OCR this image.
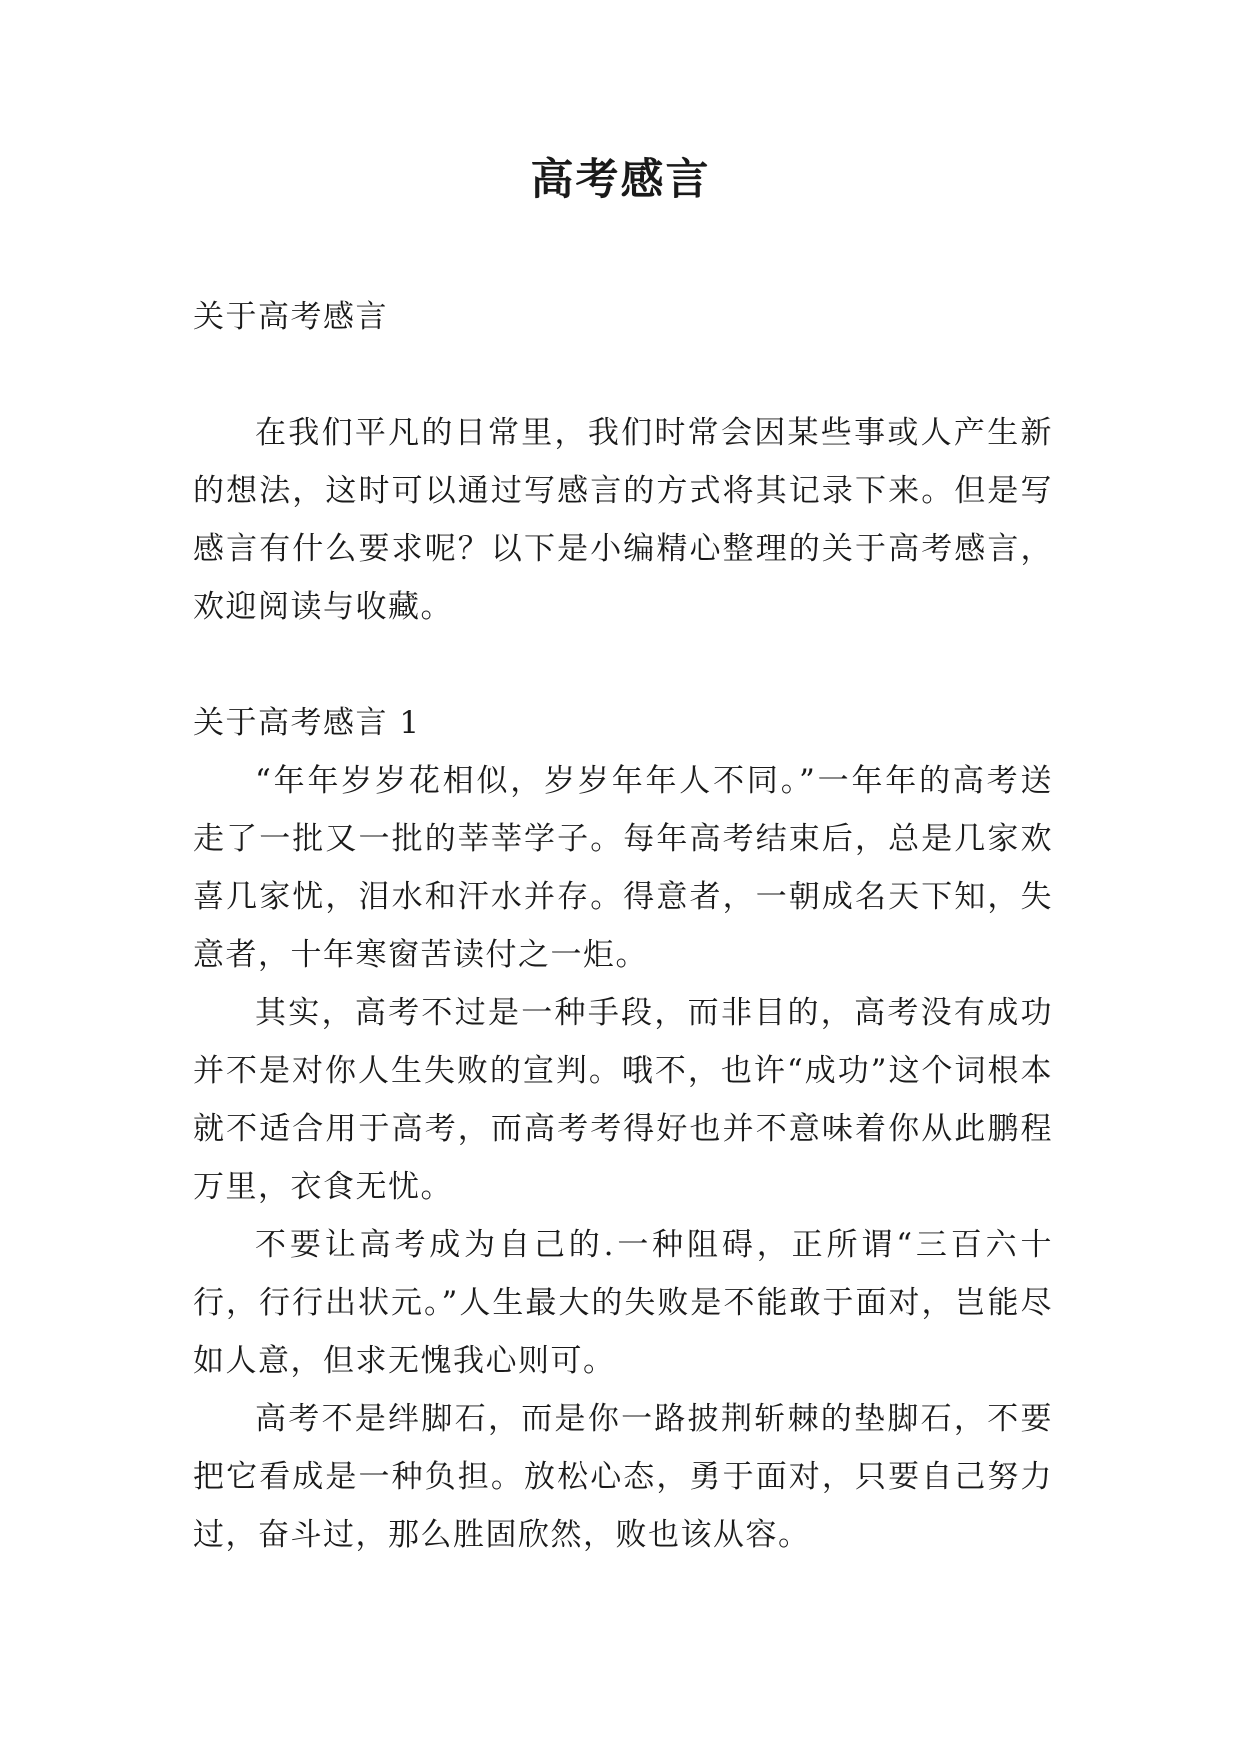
高考感言

关于高考感言

在我们平凡的日常里，我们时常会因某些事或人产生新的想法，这时可以通过写感言的方式将其记录下来。但是写感言有什么要求呢？以下是小编精心整理的关于高考感言，欢迎阅读与收藏。

关于高考感言 1

“年年岁岁花相似，岁岁年年人不同。”一年年的高考送走了一批又一批的莘莘学子。每年高考结束后，总是几家欢喜几家忧，泪水和汗水并存。得意者，一朝成名天下知，失意者，十年寒窗苦读付之一炬。

其实，高考不过是一种手段，而非目的，高考没有成功并不是对你人生失败的宣判。哦不，也许“成功”这个词根本就不适合用于高考，而高考考得好也并不意味着你从此鹏程万里，衣食无忧。

不要让高考成为自己的.一种阻碍，正所谓“三百六十行，行行出状元。”人生最大的失败是不能敢于面对，岂能尽如人意，但求无愧我心则可。

高考不是绊脚石，而是你一路披荆斩棘的垫脚石，不要把它看成是一种负担。放松心态，勇于面对，只要自己努力过，奋斗过，那么胜固欣然，败也该从容。
